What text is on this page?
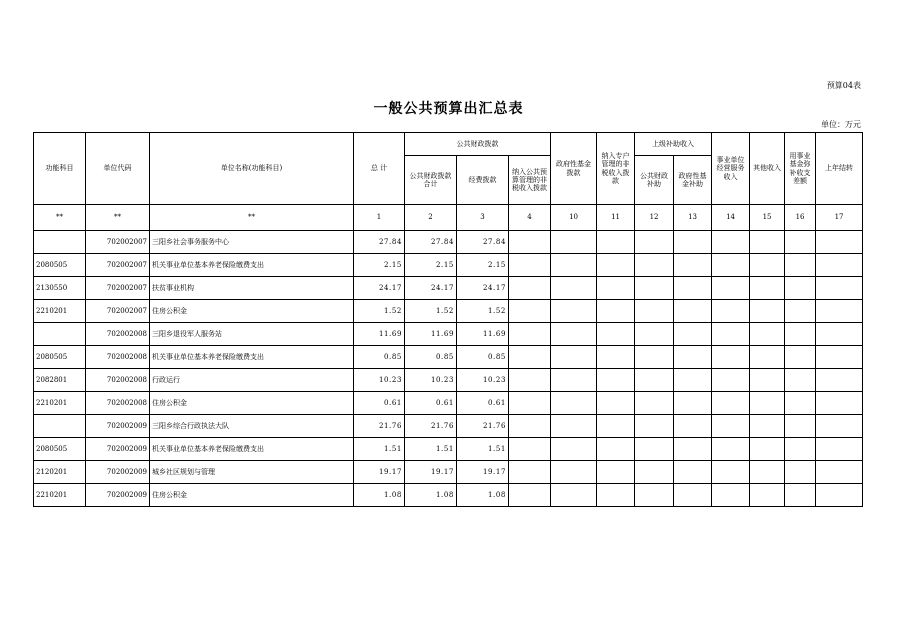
预算04表
一般公共预算出汇总表
单位：万元
功能科目	单位代码	单位名称(功能科目)	总 计	公共财政拨款			政府性基金拨款	纳入专户管理的非税收入拨款	上级补助收入		事业单位经营服务收入	其他收入	用事业基金弥补收支差额	上年结转
				公共财政拨款合计	经费拨款	纳入公共预算管理的非税收入拨款			公共财政补助	政府性基金补助				
**	**	**	1	2	3	4	10	11	12	13	14	15	16	17
	702002007	三阳乡社会事务服务中心	27.84	27.84	27.84									
2080505	702002007	机关事业单位基本养老保险缴费支出	2.15	2.15	2.15									
2130550	702002007	扶贫事业机构	24.17	24.17	24.17									
2210201	702002007	住房公积金	1.52	1.52	1.52									
	702002008	三阳乡退役军人服务站	11.69	11.69	11.69									
2080505	702002008	机关事业单位基本养老保险缴费支出	0.85	0.85	0.85									
2082801	702002008	行政运行	10.23	10.23	10.23									
2210201	702002008	住房公积金	0.61	0.61	0.61									
	702002009	三阳乡综合行政执法大队	21.76	21.76	21.76									
2080505	702002009	机关事业单位基本养老保险缴费支出	1.51	1.51	1.51									
2120201	702002009	城乡社区规划与管理	19.17	19.17	19.17									
2210201	702002009	住房公积金	1.08	1.08	1.08									
